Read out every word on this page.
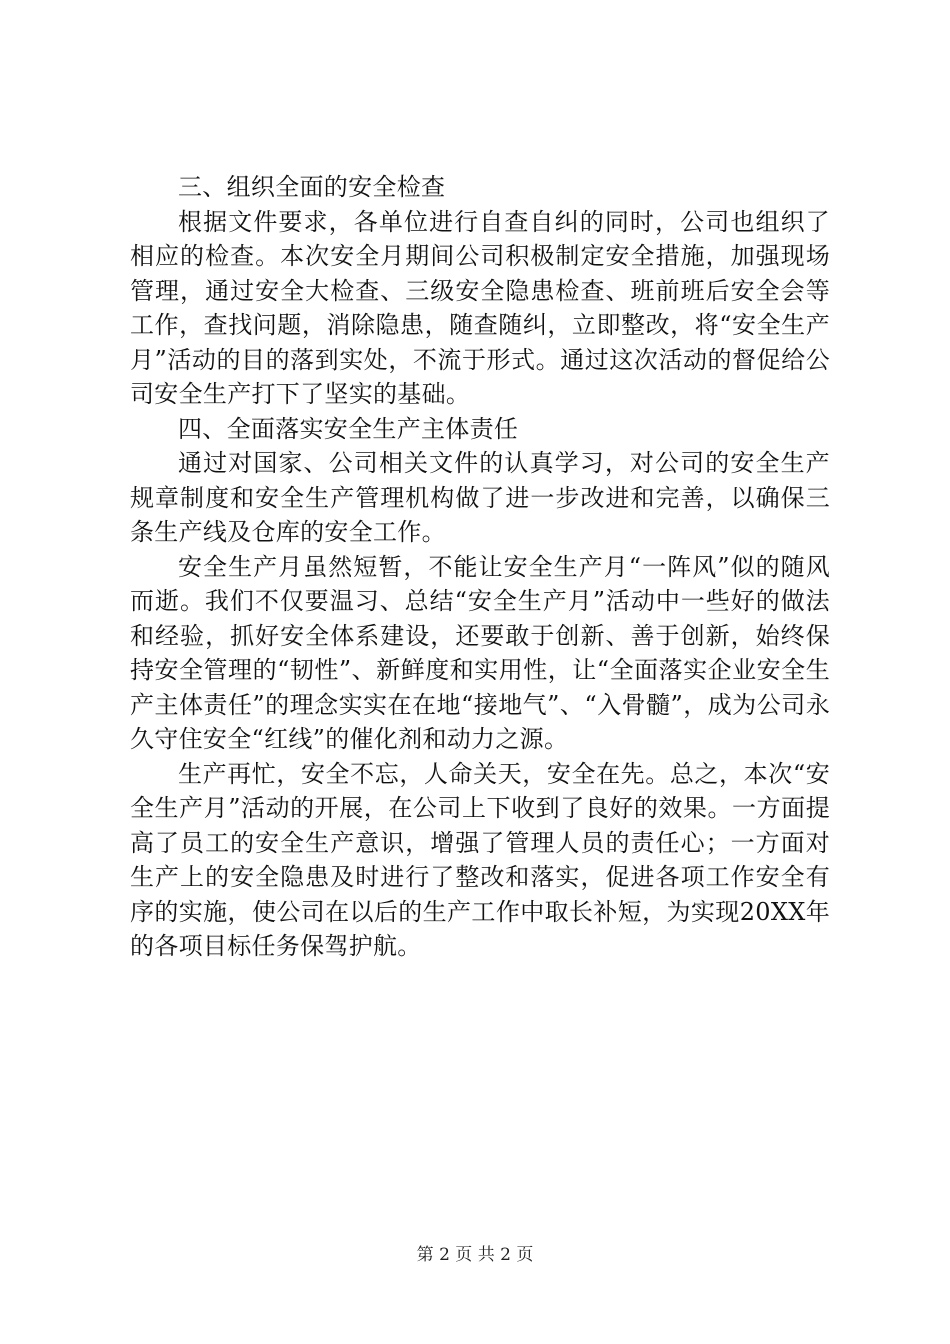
三、组织全面的安全检查

根据文件要求，各单位进行自查自纠的同时，公司也组织了相应的检查。本次安全月期间公司积极制定安全措施，加强现场管理，通过安全大检查、三级安全隐患检查、班前班后安全会等工作，查找问题，消除隐患，随查随纠，立即整改，将“安全生产月”活动的目的落到实处，不流于形式。通过这次活动的督促给公司安全生产打下了坚实的基础。

四、全面落实安全生产主体责任

通过对国家、公司相关文件的认真学习，对公司的安全生产规章制度和安全生产管理机构做了进一步改进和完善，以确保三条生产线及仓库的安全工作。

安全生产月虽然短暂，不能让安全生产月“一阵风”似的随风而逝。我们不仅要温习、总结“安全生产月”活动中一些好的做法和经验，抓好安全体系建设，还要敢于创新、善于创新，始终保持安全管理的“韧性”、新鲜度和实用性，让“全面落实企业安全生产主体责任”的理念实实在在地“接地气”、“入骨髓”，成为公司永久守住安全“红线”的催化剂和动力之源。

生产再忙，安全不忘，人命关天，安全在先。总之，本次“安全生产月”活动的开展，在公司上下收到了良好的效果。一方面提高了员工的安全生产意识，增强了管理人员的责任心；一方面对生产上的安全隐患及时进行了整改和落实，促进各项工作安全有序的实施，使公司在以后的生产工作中取长补短，为实现20XX年的各项目标任务保驾护航。

第 2 页 共 2 页
